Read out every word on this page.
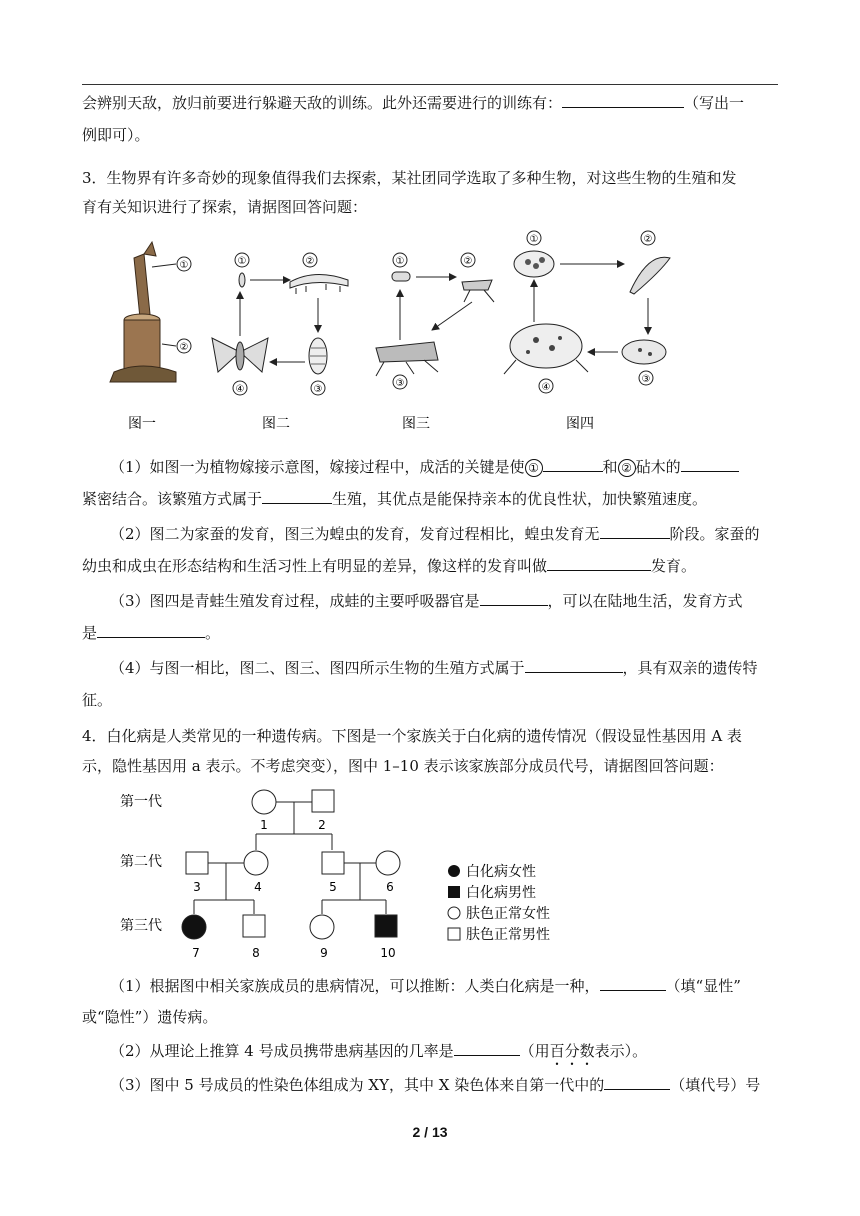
会辨别天敌，放归前要进行躲避天敌的训练。此外还需要进行的训练有：	（写出一
例即可）。
3．生物界有许多奇妙的现象值得我们去探索，某社团同学选取了多种生物，对这些生物的生殖和发
育有关知识进行了探索，请据图回答问题：
①
②
①	②
③
④
①	②
③
①	②
③
④
图一	图二	图三	图四
（1）如图一为植物嫁接示意图，嫁接过程中，成活的关键是使 ①	和 ② 砧木的
紧密结合。该繁殖方式属于	生殖，其优点是能保持亲本的优良性状，加快繁殖速度。
（2）图二为家蚕的发育，图三为蝗虫的发育，发育过程相比，蝗虫发育无	阶段。家蚕的
幼虫和成虫在形态结构和生活习性上有明显的差异，像这样的发育叫做	发育。
（3）图四是青蛙生殖发育过程，成蛙的主要呼吸器官是	，可以在陆地生活，发育方式
是	。
（4）与图一相比，图二、图三、图四所示生物的生殖方式属于	，具有双亲的遗传特
征。
4．白化病是人类常见的一种遗传病。下图是一个家族关于白化病的遗传情况（假设显性基因用 A 表
示，隐性基因用 a 表示。不考虑突变），图中 1–10 表示该家族部分成员代号，请据图回答问题：
第一代
第二代
第三代
1	2
3	4	5	6
7	8	9	10
白化病女性
白化病男性
肤色正常女性
肤色正常男性
（1）根据图中相关家族成员的患病情况，可以推断：人类白化病是一种，	（填“显性”
或“隐性”）遗传病。
（2）从理论上推算 4 号成员携带患病基因的几率是	（用百分数表示）。
（3）图中 5 号成员的性染色体组成为 XY，其中 X 染色体来自第一代中的	（填代号）号
2 / 13
